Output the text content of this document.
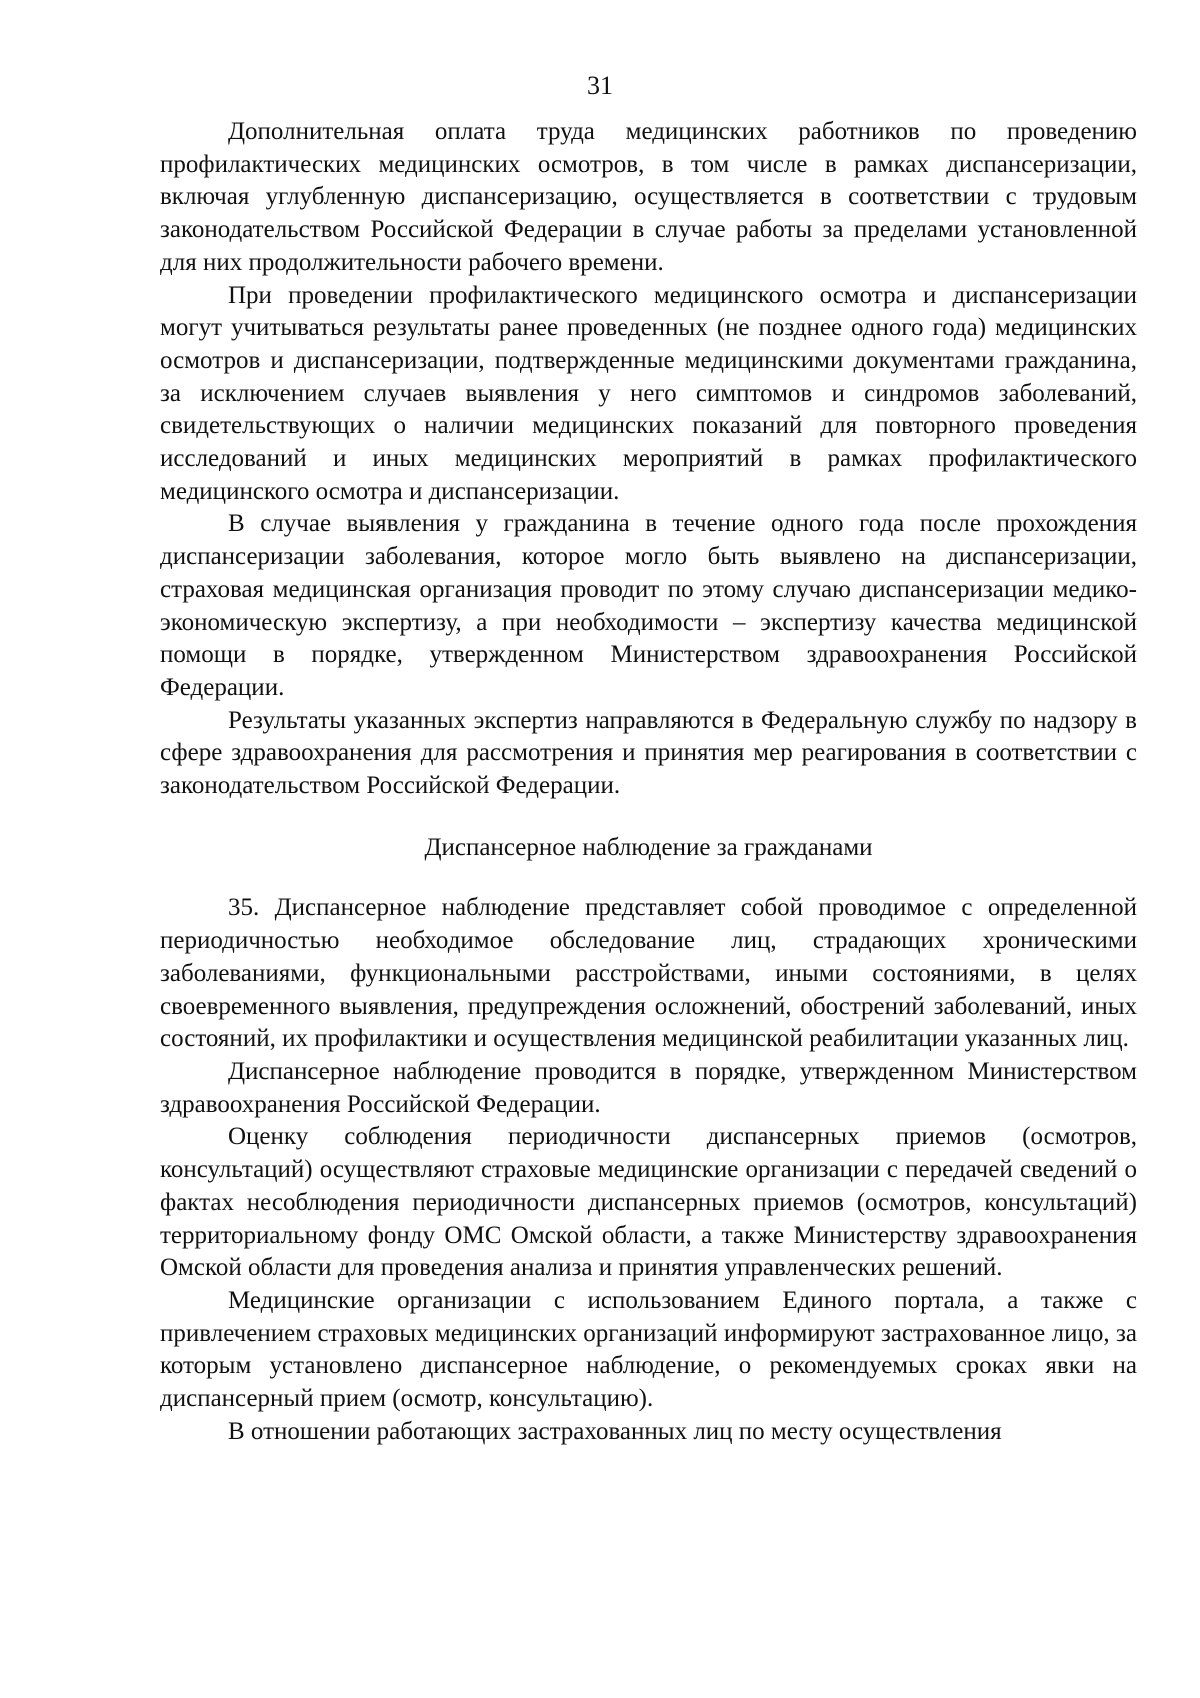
31

Дополнительная оплата труда медицинских работников по проведению профилактических медицинских осмотров, в том числе в рамках диспансеризации, включая углубленную диспансеризацию, осуществляется в соответствии с трудовым законодательством Российской Федерации в случае работы за пределами установленной для них продолжительности рабочего времени.

При проведении профилактического медицинского осмотра и диспансеризации могут учитываться результаты ранее проведенных (не позднее одного года) медицинских осмотров и диспансеризации, подтвержденные медицинскими документами гражданина, за исключением случаев выявления у него симптомов и синдромов заболеваний, свидетельствующих о наличии медицинских показаний для повторного проведения исследований и иных медицинских мероприятий в рамках профилактического медицинского осмотра и диспансеризации.

В случае выявления у гражданина в течение одного года после прохождения диспансеризации заболевания, которое могло быть выявлено на диспансеризации, страховая медицинская организация проводит по этому случаю диспансеризации медико-экономическую экспертизу, а при необходимости – экспертизу качества медицинской помощи в порядке, утвержденном Министерством здравоохранения Российской Федерации.

Результаты указанных экспертиз направляются в Федеральную службу по надзору в сфере здравоохранения для рассмотрения и принятия мер реагирования в соответствии с законодательством Российской Федерации.

Диспансерное наблюдение за гражданами

35. Диспансерное наблюдение представляет собой проводимое с определенной периодичностью необходимое обследование лиц, страдающих хроническими заболеваниями, функциональными расстройствами, иными состояниями, в целях своевременного выявления, предупреждения осложнений, обострений заболеваний, иных состояний, их профилактики и осуществления медицинской реабилитации указанных лиц.

Диспансерное наблюдение проводится в порядке, утвержденном Министерством здравоохранения Российской Федерации.

Оценку соблюдения периодичности диспансерных приемов (осмотров, консультаций) осуществляют страховые медицинские организации с передачей сведений о фактах несоблюдения периодичности диспансерных приемов (осмотров, консультаций) территориальному фонду ОМС Омской области, а также Министерству здравоохранения Омской области для проведения анализа и принятия управленческих решений.

Медицинские организации с использованием Единого портала, а также с привлечением страховых медицинских организаций информируют застрахованное лицо, за которым установлено диспансерное наблюдение, о рекомендуемых сроках явки на диспансерный прием (осмотр, консультацию).

В отношении работающих застрахованных лиц по месту осуществления
